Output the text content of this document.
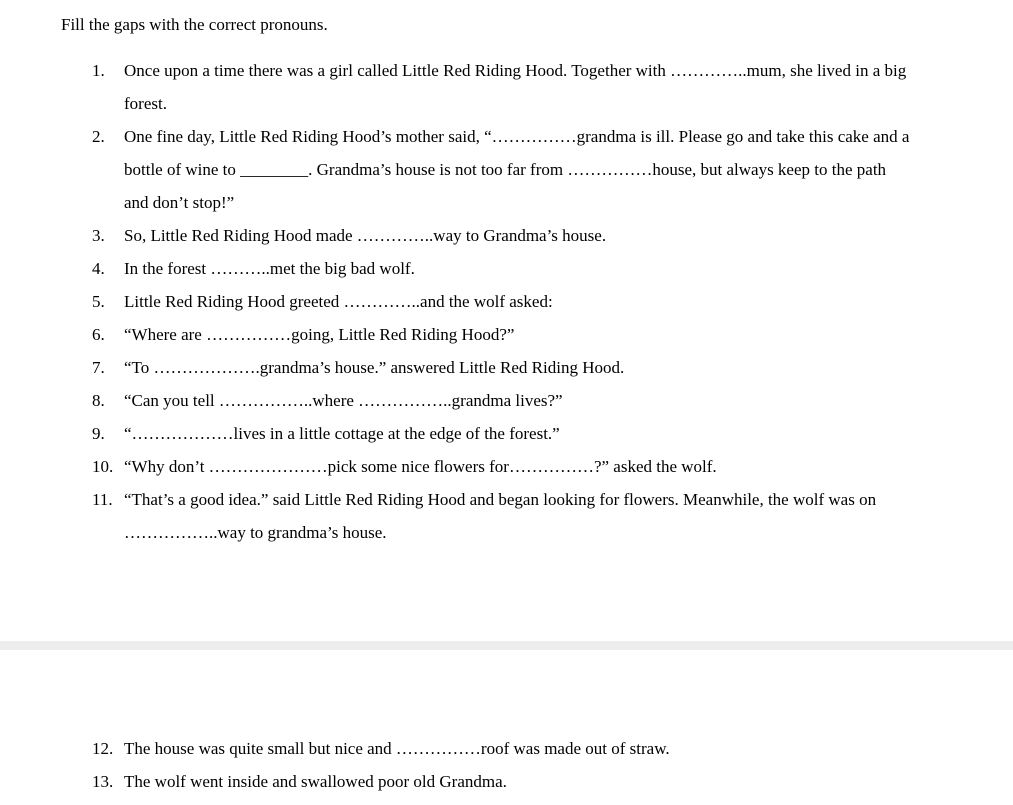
Fill the gaps with the correct pronouns.

1. Once upon a time there was a girl called Little Red Riding Hood. Together with …………..mum, she lived in a big forest.
2. One fine day, Little Red Riding Hood’s mother said, “……………grandma is ill. Please go and take this cake and a bottle of wine to ________. Grandma’s house is not too far from ……………house, but always keep to the path and don’t stop!”
3. So, Little Red Riding Hood made …………..way to Grandma’s house.
4. In the forest ………..met the big bad wolf.
5. Little Red Riding Hood greeted …………..and the wolf asked:
6. “Where are ……………going, Little Red Riding Hood?”
7. “To ……………….grandma’s house.” answered Little Red Riding Hood.
8. “Can you tell ……………..where ……………..grandma lives?”
9. “………………lives in a little cottage at the edge of the forest.”
10. “Why don’t …………………pick some nice flowers for……………?” asked the wolf.
11. “That’s a good idea.” said Little Red Riding Hood and began looking for flowers. Meanwhile, the wolf was on ……………..way to grandma’s house.
12. The house was quite small but nice and ……………roof was made out of straw.
13. The wolf went inside and swallowed poor old Grandma.
